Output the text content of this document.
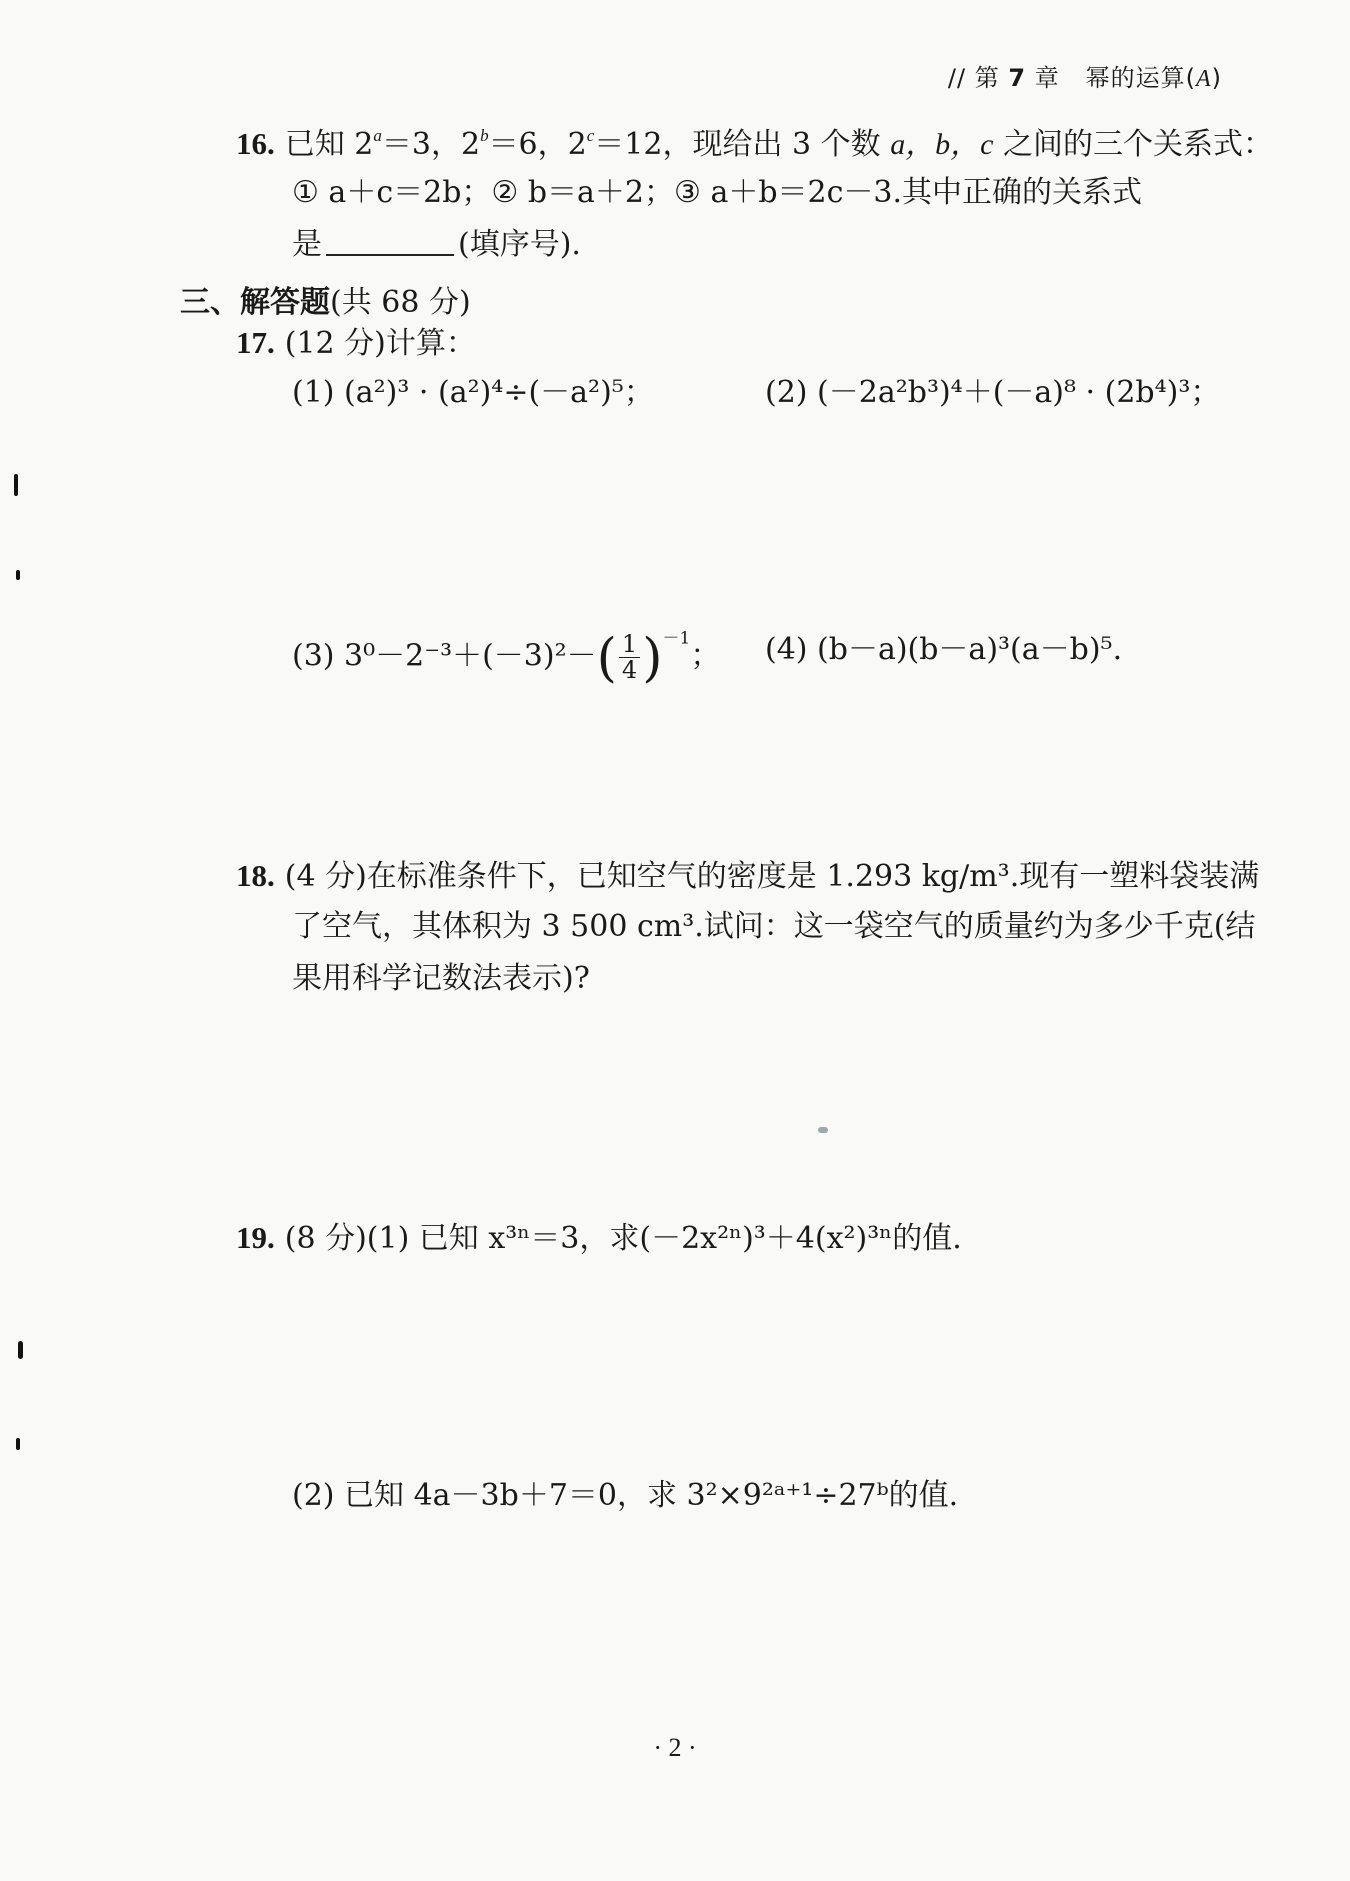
// 第 7 章 幂的运算(A)
16. 已知 $2^a=3$，$2^b=6$，$2^c=12$，现给出 3 个数 a，b，c 之间的三个关系式：
① a＋c＝2b；② b＝a＋2；③ a＋b＝2c－3.其中正确的关系式
是	(填序号).
三、解答题(共 68 分)
17. (12 分)计算：
(1) (a²)³ · (a²)⁴÷(－a²)⁵；	(2) (－2a²b³)⁴＋(－a)⁸ · (2b⁴)³；
(3) $3^0-2^{-3}+(-3)^2-( \frac{1}{4} )^{-1}$； (4) (b－a)(b－a)³(a－b)⁵.
18. (4 分)在标准条件下，已知空气的密度是 1.293 kg/m³.现有一塑料袋装满
了空气，其体积为 3 500 cm³.试问：这一袋空气的质量约为多少千克(结
果用科学记数法表示)?
19. (8 分)(1) 已知 x³ⁿ＝3，求(－2x²ⁿ)³＋4(x²)³ⁿ的值.
(2) 已知 4a－3b＋7＝0，求 3²×9²ᵃ⁺¹÷27ᵇ的值.
· 2 ·
